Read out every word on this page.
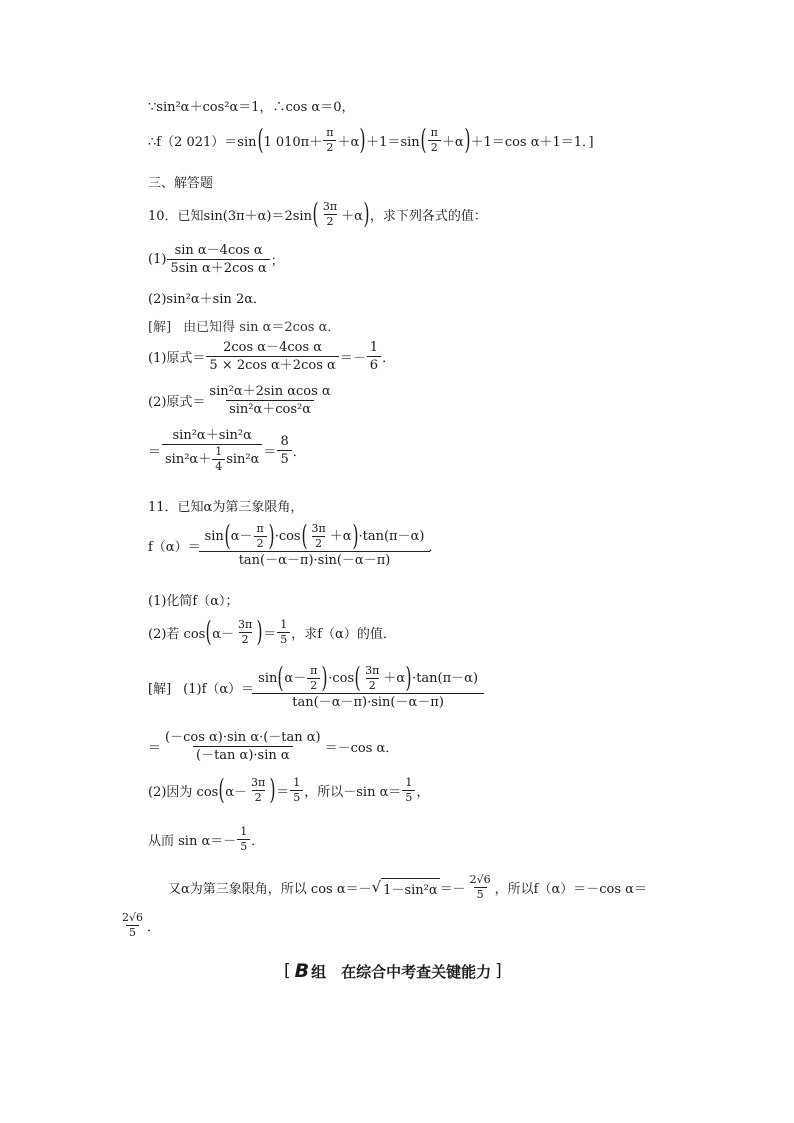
∵sin²α＋cos²α＝1，∴cos α＝0，
∴f（2 021）＝sin ( 1 $010\pi+ \frac{\pi}{2} +\alpha$ ) ＋1＝sin ( $\frac{\pi}{2} +\alpha$ ) ＋1＝cos α＋1＝1．]
三、解答题
10．已知sin(3π＋α)＝2sin ( $\frac{3\pi}{2} +\alpha$ ) ，求下列各式的值：
$(1) \frac{\text{sin α－4cos α}}{\text{5sin α＋2cos α}}$ ；
(2)sin²α＋sin 2α．
[解] 由已知得 sin α＝2cos α．
(1)原式＝ $\frac{\text{2cos α－4cos α}}{\text{5 × 2cos α＋2cos α}} =- \frac{1}{6}$ ．
(2)原式＝ $\frac{\text{sin²α＋2sin αcos α}}{\text{sin²α＋cos²α}}$
＝ $\frac{\text{sin²α＋sin²α}}{\sin^2\alpha+ \frac{1}{4} \sin^2\alpha} = \frac{8}{5}$ ．
11．已知α为第三象限角，
f（α）＝
sin ( $\alpha- \frac{\pi}{2}$ ) ·cos ( $\frac{3\pi}{2} +\alpha$ ) ·tan(π－α)
tan(－α－π)·sin(－α－π)
．
(1)化简f（α）；
(2)若 cos ( $\alpha- \frac{3\pi}{2}$ ) ＝ $\frac{1}{5}$ ，求f（α）的值．
[解] (1)f（α）＝
sin ( $\alpha- \frac{\pi}{2}$ ) ·cos ( $\frac{3\pi}{2} +\alpha$ ) ·tan(π－α)
tan(－α－π)·sin(－α－π)
＝ $\frac{\text{(－cos α)·sin α·(－tan α)}}{\text{(－tan α)·sin α}} =-\cos$ α．
(2)因为 cos ( $\alpha- \frac{3\pi}{2}$ ) ＝ $\frac{1}{5}$ ，所以－sin $\alpha= \frac{1}{5}$ ，
从而 $\sin \alpha=- \frac{1}{5}$ ．
又α为第三象限角，所以 cos α＝－ √ $1-\sin^2\alpha =- \frac{2√6}{5}$ ，所以f（α）＝－cos α＝
$\frac{2√6}{5}$ ．
[ B 组　在综合中考查关键能力 ]
